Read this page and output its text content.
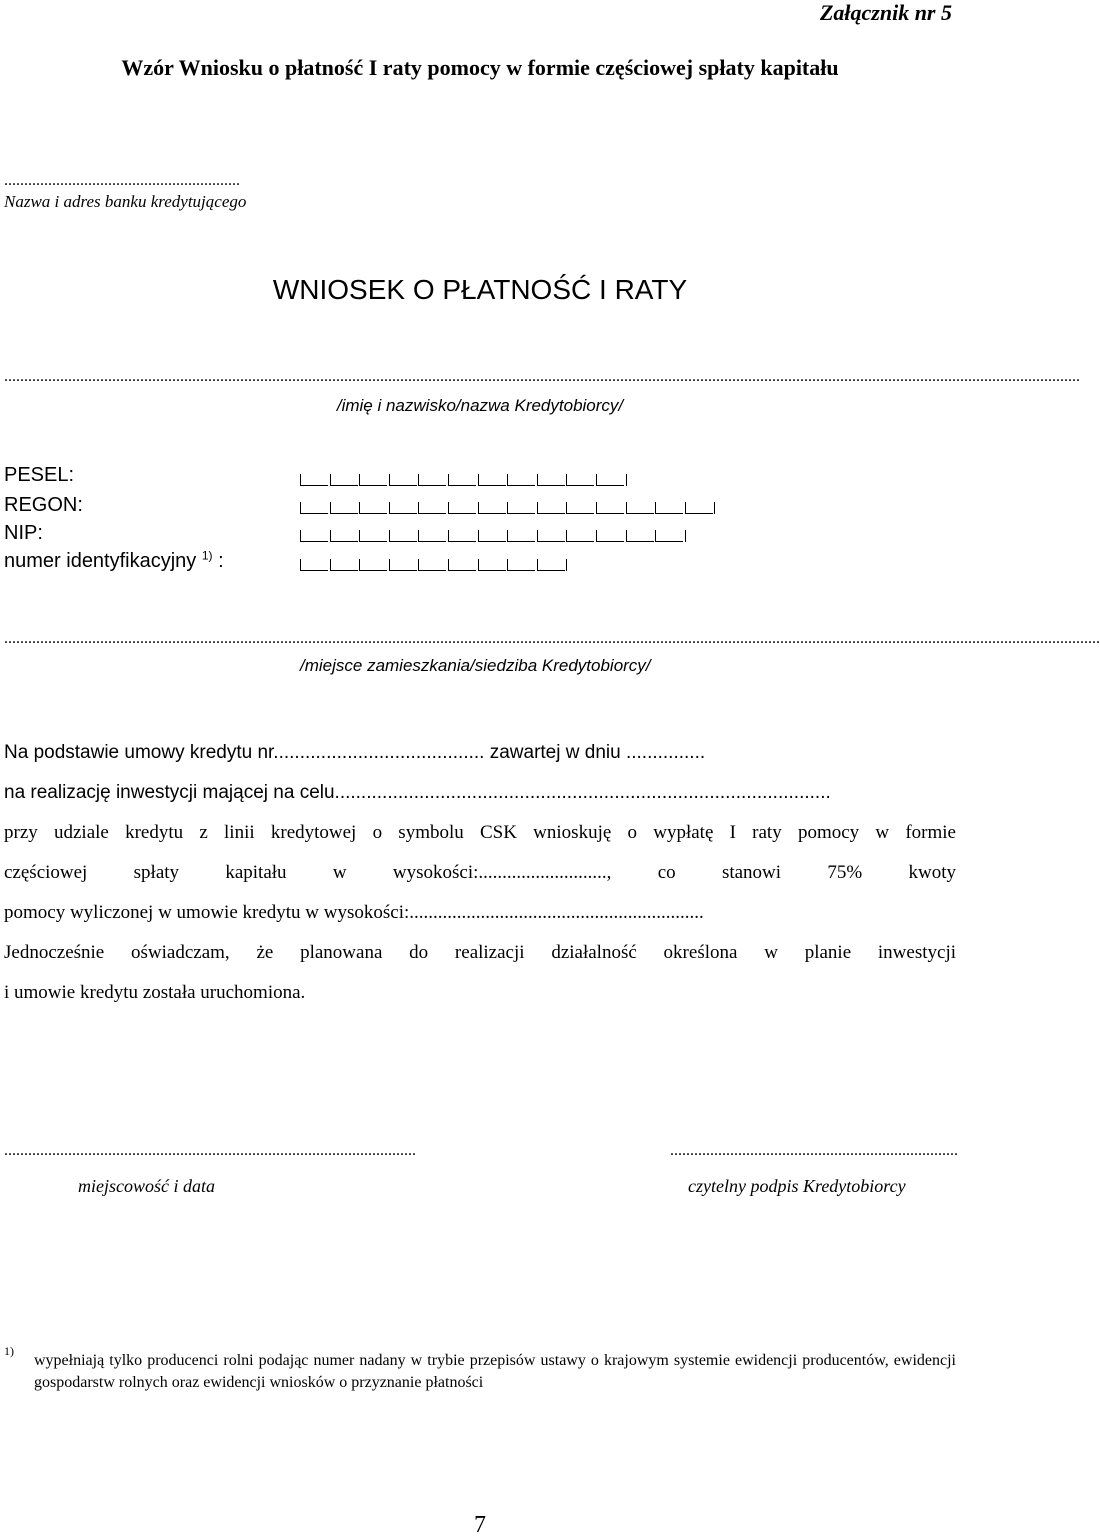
Załącznik nr 5
Wzór Wniosku o płatność I raty pomocy w formie częściowej spłaty kapitału
...........................................................
Nazwa i adres banku kredytującego
WNIOSEK O PŁATNOŚĆ I RATY
.............................................................................................................................................................................................................................................................................
/imię i nazwisko/nazwa Kredytobiorcy/
PESEL:
REGON:
NIP:
numer identyfikacyjny $^{1)}$ :
..................................................................................................................................................................................................................................................................................
/miejsce zamieszkania/siedziba Kredytobiorcy/
Na podstawie umowy kredytu nr........................................ zawartej w dniu ...............
na realizację inwestycji mającej na celu..............................................................................................
przy udziale kredytu z linii kredytowej o symbolu CSK wnioskuję o wypłatę I raty pomocy w formie
częściowej spłaty kapitału w wysokości:..........................., co stanowi 75% kwoty
pomocy wyliczonej w umowie kredytu w wysokości:..............................................................
Jednocześnie oświadczam, że planowana do realizacji działalność określona w planie inwestycji
i umowie kredytu została uruchomiona.
.......................................................................................................	........................................................................
miejscowość i data	czytelny podpis Kredytobiorcy
1)
wypełniają tylko producenci rolni podając numer nadany w trybie przepisów ustawy o krajowym systemie ewidencji producentów, ewidencji gospodarstw rolnych oraz ewidencji wniosków o przyznanie płatności
7
